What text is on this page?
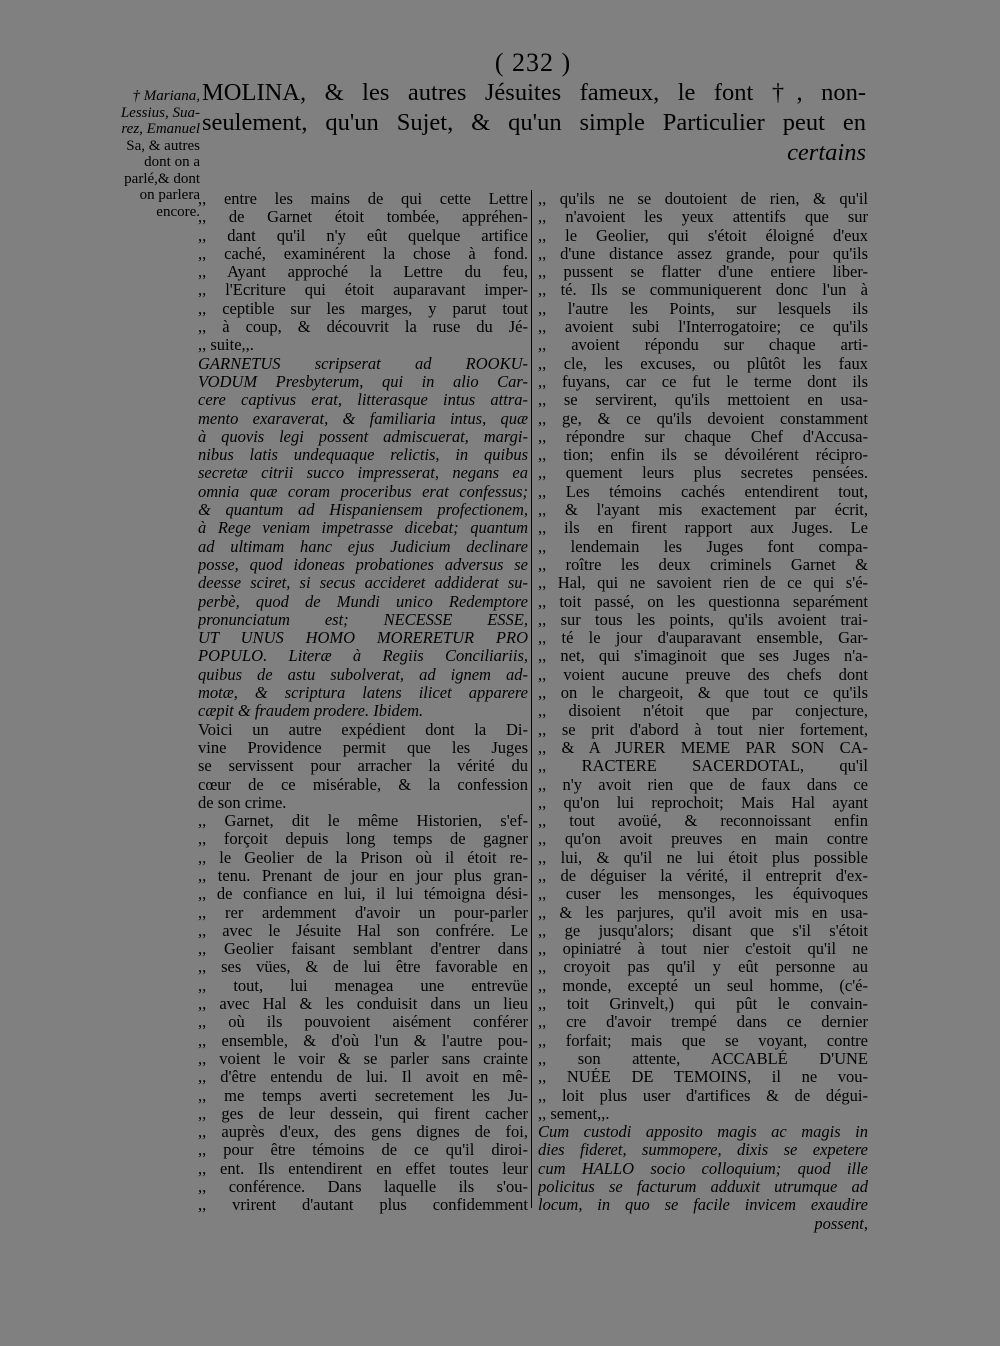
( 232 )
† Mariana,
Lessius, Sua-
rez, Emanuel
Sa, & autres
dont on a
parlé,& dont
on parlera
encore.
MOLINA, & les autres Jésuites fameux, le font †, non-
seulement, qu'un Sujet, & qu'un simple Particulier peut en
certains
,, entre les mains de qui cette Lettre
,, de Garnet étoit tombée, appréhen-
,, dant qu'il n'y eût quelque artifice
,, caché, examinérent la chose à fond.
,, Ayant approché la Lettre du feu,
,, l'Ecriture qui étoit auparavant imper-
,, ceptible sur les marges, y parut tout
,, à coup, & découvrit la ruse du Jé-
,, suite,,.
GARNETUS scripserat ad ROOKU-
VODUM Presbyterum, qui in alio Car-
cere captivus erat, litterasque intus attra-
mento exaraverat, & familiaria intus, quæ
à quovis legi possent admiscuerat, margi-
nibus latis undequaque relictis, in quibus
secretæ citrii succo impresserat, negans ea
omnia quæ coram proceribus erat confessus;
& quantum ad Hispaniensem profectionem,
à Rege veniam impetrasse dicebat; quantum
ad ultimam hanc ejus Judicium declinare
posse, quod idoneas probationes adversus se
deesse sciret, si secus accideret addiderat su-
perbè, quod de Mundi unico Redemptore
pronunciatum est; NECESSE ESSE,
UT UNUS HOMO MORERETUR PRO
POPULO. Literæ à Regiis Conciliariis,
quibus de astu subolverat, ad ignem ad-
motæ, & scriptura latens ilicet apparere
cæpit & fraudem prodere. Ibidem.
Voici un autre expédient dont la Di-
vine Providence permit que les Juges
se servissent pour arracher la vérité du
cœur de ce misérable, & la confession
de son crime.
,, Garnet, dit le même Historien, s'ef-
,, forçoit depuis long temps de gagner
,, le Geolier de la Prison où il étoit re-
,, tenu. Prenant de jour en jour plus gran-
,, de confiance en lui, il lui témoigna dési-
,, rer ardemment d'avoir un pour-parler
,, avec le Jésuite Hal son confrére. Le
,, Geolier faisant semblant d'entrer dans
,, ses vües, & de lui être favorable en
,, tout, lui menagea une entrevüe
,, avec Hal & les conduisit dans un lieu
,, où ils pouvoient aisément conférer
,, ensemble, & d'où l'un & l'autre pou-
,, voient le voir & se parler sans crainte
,, d'être entendu de lui. Il avoit en mê-
,, me temps averti secretement les Ju-
,, ges de leur dessein, qui firent cacher
,, auprès d'eux, des gens dignes de foi,
,, pour être témoins de ce qu'il diroi-
,, ent. Ils entendirent en effet toutes leur
,, conférence. Dans laquelle ils s'ou-
,, vrirent d'autant plus confidemment
,, qu'ils ne se doutoient de rien, & qu'il
,, n'avoient les yeux attentifs que sur
,, le Geolier, qui s'étoit éloigné d'eux
,, d'une distance assez grande, pour qu'ils
,, pussent se flatter d'une entiere liber-
,, té. Ils se communiquerent donc l'un à
,, l'autre les Points, sur lesquels ils
,, avoient subi l'Interrogatoire; ce qu'ils
,, avoient répondu sur chaque arti-
,, cle, les excuses, ou plûtôt les faux
,, fuyans, car ce fut le terme dont ils
,, se servirent, qu'ils mettoient en usa-
,, ge, & ce qu'ils devoient constamment
,, répondre sur chaque Chef d'Accusa-
,, tion; enfin ils se dévoilérent récipro-
,, quement leurs plus secretes pensées.
,, Les témoins cachés entendirent tout,
,, & l'ayant mis exactement par écrit,
,, ils en firent rapport aux Juges. Le
,, lendemain les Juges font compa-
,, roître les deux criminels Garnet &
,, Hal, qui ne savoient rien de ce qui s'é-
,, toit passé, on les questionna separément
,, sur tous les points, qu'ils avoient trai-
,, té le jour d'auparavant ensemble, Gar-
,, net, qui s'imaginoit que ses Juges n'a-
,, voient aucune preuve des chefs dont
,, on le chargeoit, & que tout ce qu'ils
,, disoient n'étoit que par conjecture,
,, se prit d'abord à tout nier fortement,
,, & A JURER MEME PAR SON CA-
,, RACTERE SACERDOTAL, qu'il
,, n'y avoit rien que de faux dans ce
,, qu'on lui reprochoit; Mais Hal ayant
,, tout avoüé, & reconnoissant enfin
,, qu'on avoit preuves en main contre
,, lui, & qu'il ne lui étoit plus possible
,, de déguiser la vérité, il entreprit d'ex-
,, cuser les mensonges, les équivoques
,, & les parjures, qu'il avoit mis en usa-
,, ge jusqu'alors; disant que s'il s'étoit
,, opiniatré à tout nier c'estoit qu'il ne
,, croyoit pas qu'il y eût personne au
,, monde, excepté un seul homme, (c'é-
,, toit Grinvelt,) qui pût le convain-
,, cre d'avoir trempé dans ce dernier
,, forfait; mais que se voyant, contre
,, son attente, ACCABLÉ D'UNE
,, NUÉE DE TEMOINS, il ne vou-
,, loit plus user d'artifices & de dégui-
,, sement,,.
Cum custodi apposito magis ac magis in
dies fideret, summopere, dixis se expetere
cum HALLO socio colloquium; quod ille
policitus se facturum adduxit utrumque ad
locum, in quo se facile invicem exaudire
possent,
